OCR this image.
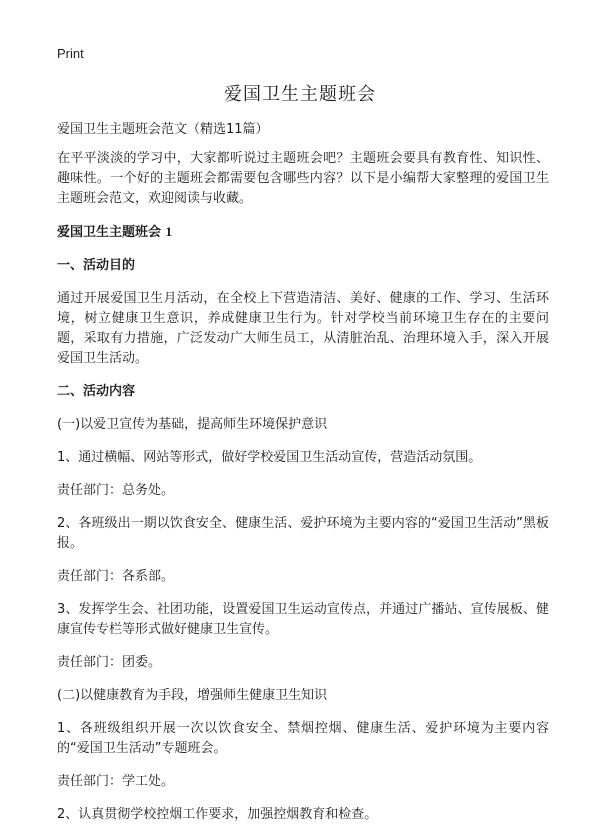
Print
爱国卫生主题班会
爱国卫生主题班会范文（精选11篇）

在平平淡淡的学习中，大家都听说过主题班会吧？主题班会要具有教育性、知识性、趣味性。一个好的主题班会都需要包含哪些内容？以下是小编帮大家整理的爱国卫生主题班会范文，欢迎阅读与收藏。

爱国卫生主题班会 1
一、活动目的

通过开展爱国卫生月活动，在全校上下营造清洁、美好、健康的工作、学习、生活环境，树立健康卫生意识，养成健康卫生行为。针对学校当前环境卫生存在的主要问题，采取有力措施，广泛发动广大师生员工，从清脏治乱、治理环境入手，深入开展爱国卫生活动。

二、活动内容

(一)以爱卫宣传为基础，提高师生环境保护意识

1、通过横幅、网站等形式，做好学校爱国卫生活动宣传，营造活动氛围。

责任部门：总务处。

2、各班级出一期以饮食安全、健康生活、爱护环境为主要内容的“爱国卫生活动”黑板报。

责任部门：各系部。

3、发挥学生会、社团功能，设置爱国卫生运动宣传点，并通过广播站、宣传展板、健康宣传专栏等形式做好健康卫生宣传。

责任部门：团委。

(二)以健康教育为手段，增强师生健康卫生知识

1、各班级组织开展一次以饮食安全、禁烟控烟、健康生活、爱护环境为主要内容的“爱国卫生活动”专题班会。

责任部门：学工处。

2、认真贯彻学校控烟工作要求，加强控烟教育和检查。
